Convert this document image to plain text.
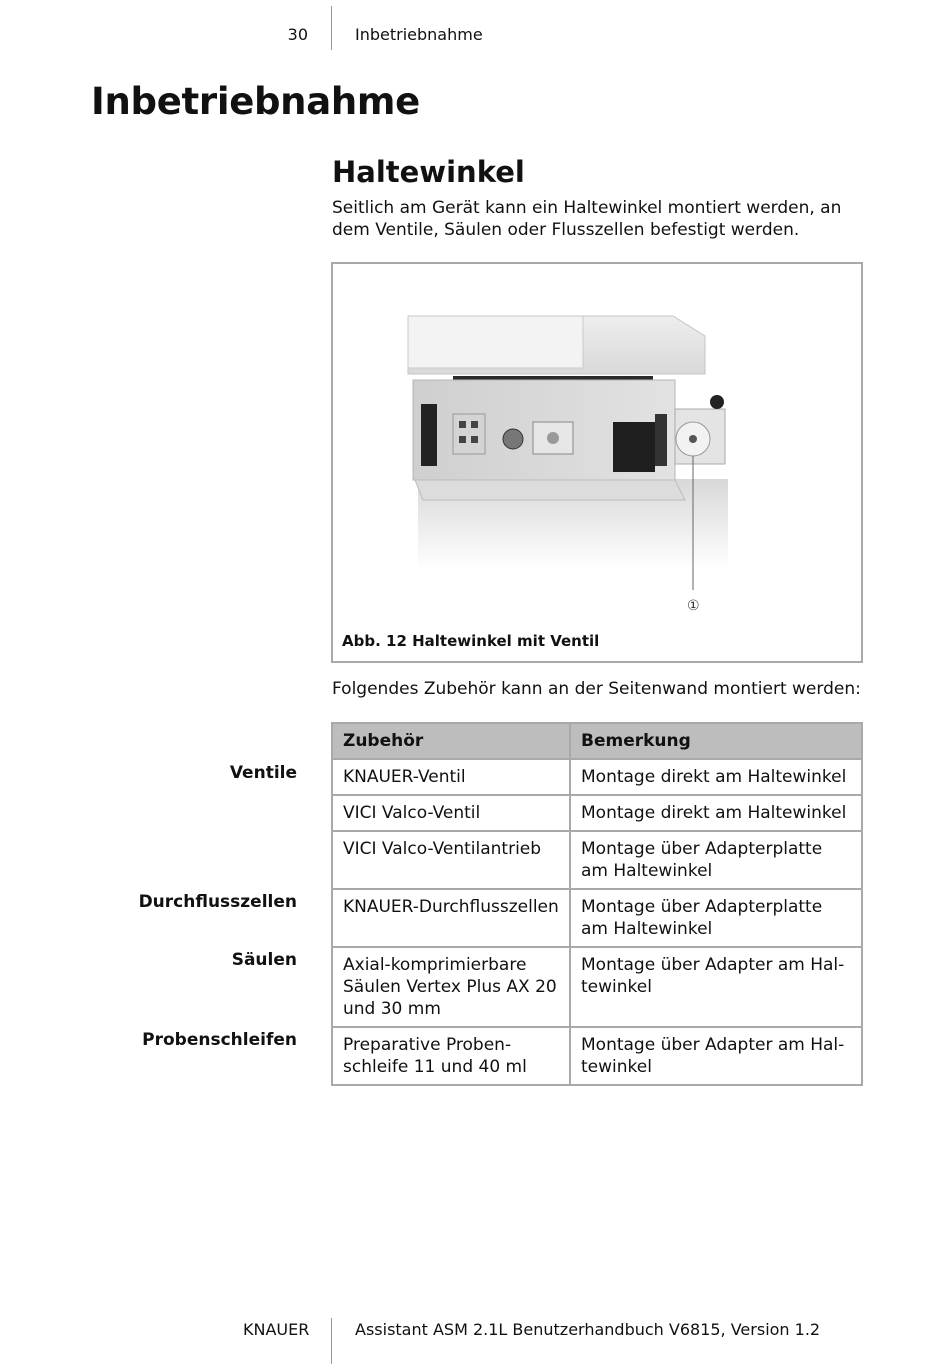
30	Inbetriebnahme
Inbetriebnahme
Haltewinkel
Seitlich am Gerät kann ein Haltewinkel montiert werden, an dem Ventile, Säulen oder Flusszellen befestigt werden.
①
Abb. 12 Haltewinkel mit Ventil
Folgendes Zubehör kann an der Seitenwand montiert werden:
Zubehör	Bemerkung
KNAUER-Ventil	Montage direkt am Haltewinkel
VICI Valco-Ventil	Montage direkt am Haltewinkel
VICI Valco-Ventilantrieb	Montage über Adapterplatte am Haltewinkel
KNAUER-Durchflusszellen	Montage über Adapterplatte am Haltewinkel
Axial-komprimierbare Säulen Vertex Plus AX 20 und 30 mm	Montage über Adapter am Hal-tewinkel
Preparative Proben-schleife 11 und 40 ml	Montage über Adapter am Hal-tewinkel
Ventile
Durchflusszellen
Säulen
Probenschleifen
KNAUER	Assistant ASM 2.1L Benutzerhandbuch V6815, Version 1.2
